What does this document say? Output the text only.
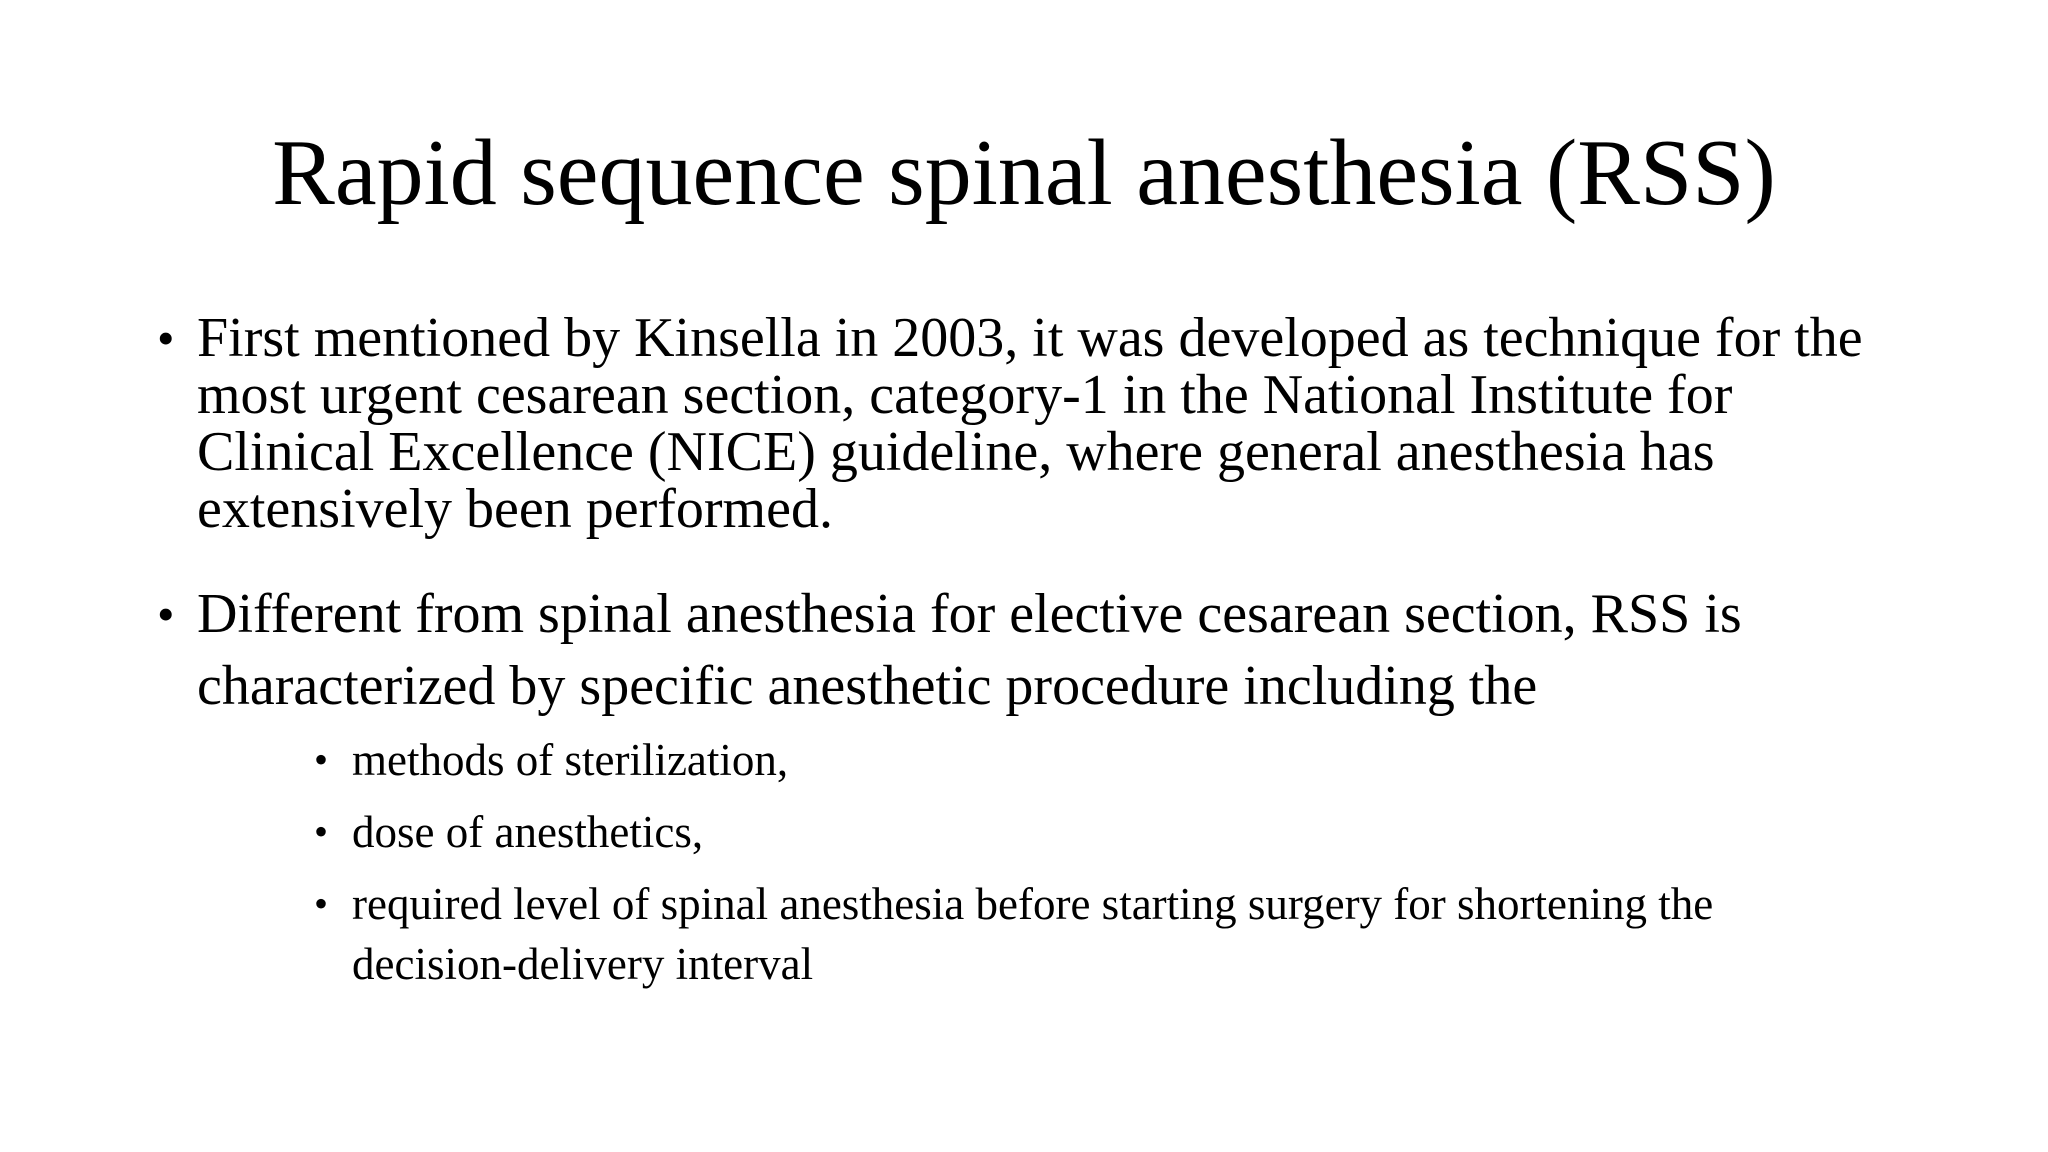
Rapid sequence spinal anesthesia (RSS)
• First mentioned by Kinsella in 2003, it was developed as technique for the most urgent cesarean section, category-1 in the National Institute for Clinical Excellence (NICE) guideline, where general anesthesia has extensively been performed.
• Different from spinal anesthesia for elective cesarean section, RSS is characterized by specific anesthetic procedure including the
• methods of sterilization,
• dose of anesthetics,
• required level of spinal anesthesia before starting surgery for shortening the decision-delivery interval
